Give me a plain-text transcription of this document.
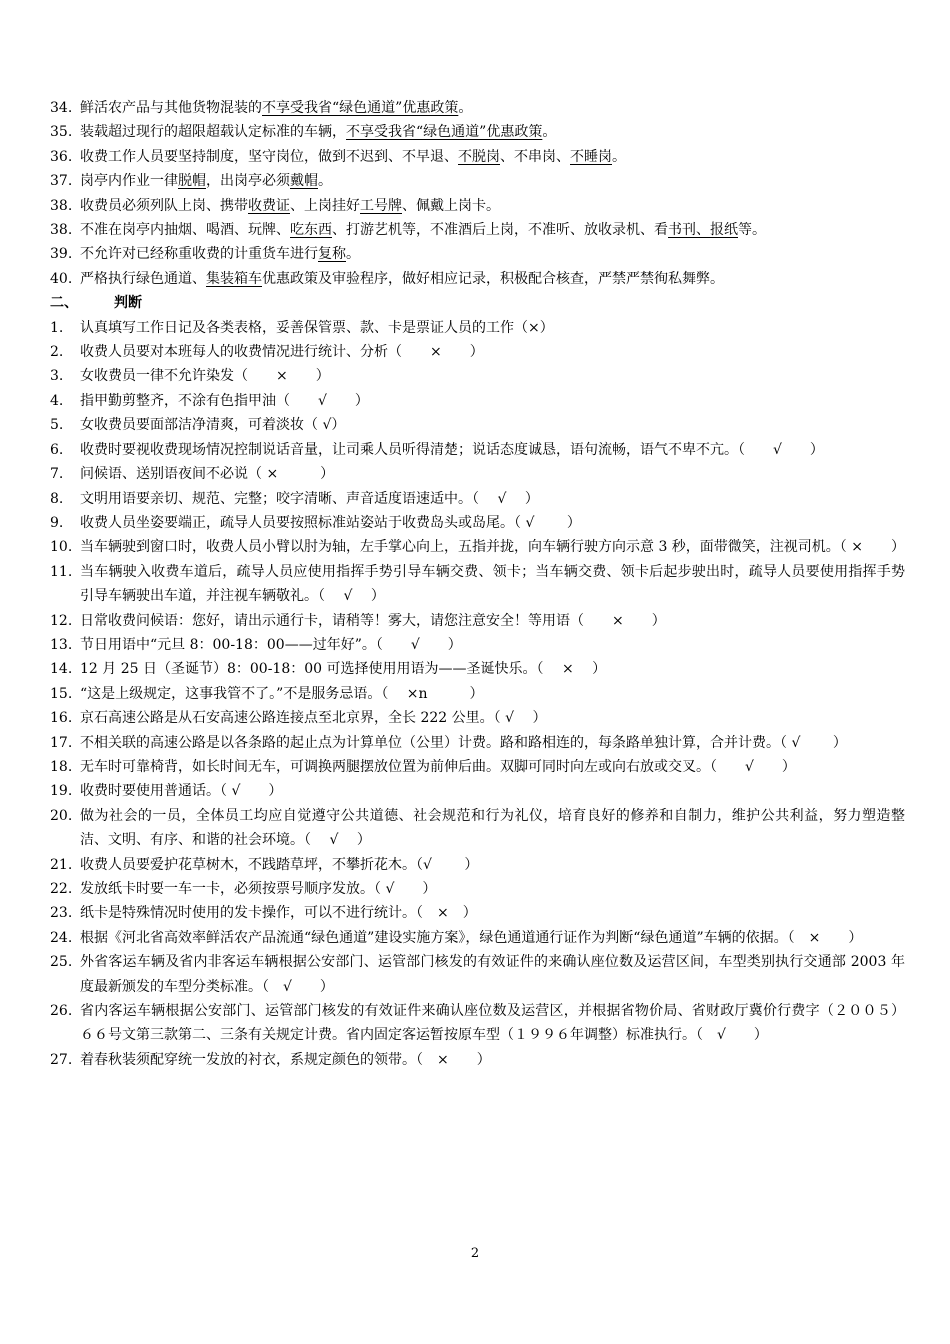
34. 鲜活农产品与其他货物混装的不享受我省“绿色通道”优惠政策。
35. 装载超过现行的超限超载认定标准的车辆，不享受我省“绿色通道”优惠政策。
36. 收费工作人员要坚持制度，坚守岗位，做到不迟到、不早退、不脱岗、不串岗、不睡岗。
37. 岗亭内作业一律脱帽，出岗亭必须戴帽。
38. 收费员必须列队上岗、携带收费证、上岗挂好工号牌、佩戴上岗卡。
38. 不准在岗亭内抽烟、喝酒、玩牌、吃东西、打游艺机等，不准酒后上岗，不准听、放收录机、看书刊、报纸等。
39. 不允许对已经称重收费的计重货车进行复称。
40. 严格执行绿色通道、集装箱车优惠政策及审验程序，做好相应记录，积极配合核查，严禁严禁徇私舞弊。
二、	判断
1.	认真填写工作日记及各类表格，妥善保管票、款、卡是票证人员的工作（×）
2.	收费人员要对本班每人的收费情况进行统计、分析（　　×　　）
3.	女收费员一律不允许染发（　　×　　）
4.	指甲勤剪整齐，不涂有色指甲油（　　√　　）
5.	女收费员要面部洁净清爽，可着淡妆（ √）
6.	收费时要视收费现场情况控制说话音量，让司乘人员听得清楚；说话态度诚恳，语句流畅，语气不卑不亢。（　　√　　）
7.	问候语、送别语夜间不必说（ ×　　　）
8.	文明用语要亲切、规范、完整；咬字清晰、声音适度语速适中。（　 √　 ）
9.	收费人员坐姿要端正，疏导人员要按照标准站姿站于收费岛头或岛尾。（ √　　 ）
10. 当车辆驶到窗口时，收费人员小臂以肘为轴，左手掌心向上，五指并拢，向车辆行驶方向示意 3 秒，面带微笑，注视司机。（ ×　　）
11. 当车辆驶入收费车道后，疏导人员应使用指挥手势引导车辆交费、领卡；当车辆交费、领卡后起步驶出时，疏导人员要使用指挥手势引导车辆驶出车道，并注视车辆敬礼。（　 √　 ）
12. 日常收费问候语：您好，请出示通行卡，请稍等！雾大，请您注意安全！等用语（　　×　　）
13. 节日用语中“元旦 8：00-18：00——过年好”。（　　√　　）
14. 12 月 25 日（圣诞节）8：00-18：00 可选择使用用语为——圣诞快乐。（　 ×　 ）
15. “这是上级规定，这事我管不了。”不是服务忌语。（　 ×n　　　）
16. 京石高速公路是从石安高速公路连接点至北京界，全长 222 公里。（ √　 ）
17. 不相关联的高速公路是以各条路的起止点为计算单位（公里）计费。路和路相连的，每条路单独计算，合并计费。（ √　　 ）
18. 无车时可靠椅背，如长时间无车，可调换两腿摆放位置为前伸后曲。双脚可同时向左或向右放或交叉。（　　√　　）
19. 收费时要使用普通话。（ √　　）
20. 做为社会的一员，全体员工均应自觉遵守公共道德、社会规范和行为礼仪，培育良好的修养和自制力，维护公共利益，努力塑造整洁、文明、有序、和谐的社会环境。（　 √　 ）
21. 收费人员要爱护花草树木，不践踏草坪，不攀折花木。（√　　 ）
22. 发放纸卡时要一车一卡，必须按票号顺序发放。（ √　　）
23. 纸卡是特殊情况时使用的发卡操作，可以不进行统计。（　×　）
24. 根据《河北省高效率鲜活农产品流通“绿色通道”建设实施方案》，绿色通道通行证作为判断“绿色通道”车辆的依据。（　×　　）
25. 外省客运车辆及省内非客运车辆根据公安部门、运管部门核发的有效证件的来确认座位数及运营区间，车型类别执行交通部 2003 年度最新颁发的车型分类标准。（　√　　）
26. 省内客运车辆根据公安部门、运管部门核发的有效证件来确认座位数及运营区，并根据省物价局、省财政厅冀价行费字（２００５）６６号文第三款第二、三条有关规定计费。省内固定客运暂按原车型（１９９６年调整）标准执行。（　√　　）
27. 着春秋装须配穿统一发放的衬衣，系规定颜色的领带。（　×　　）
2
